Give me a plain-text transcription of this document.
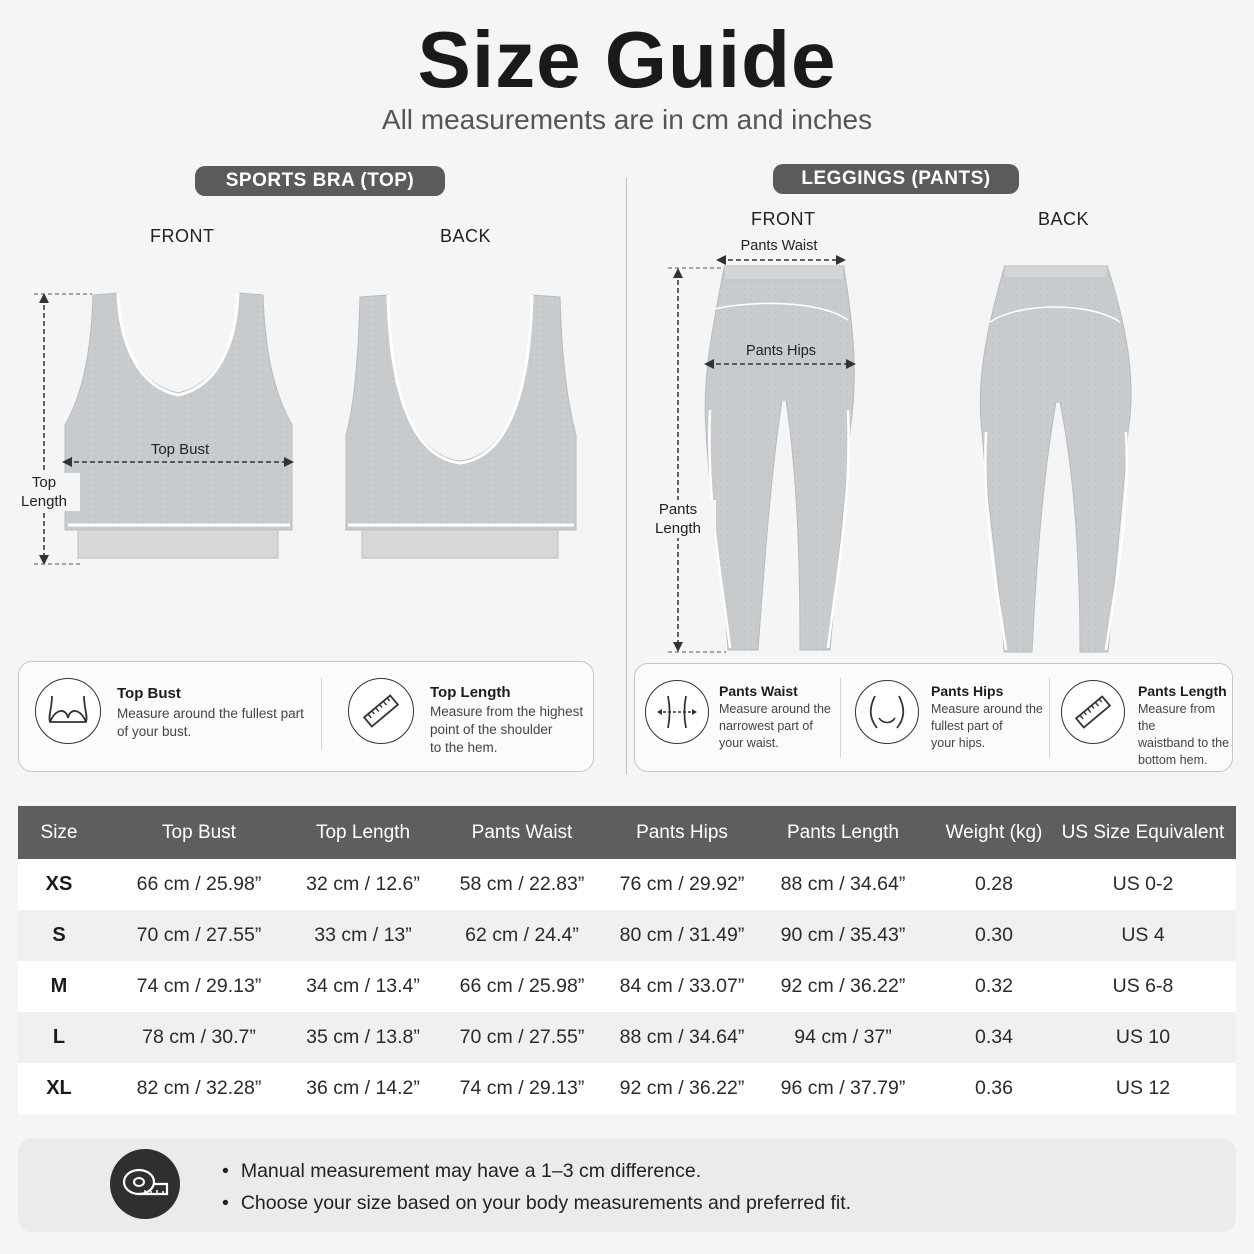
Size Guide
All measurements are in cm and inches
SPORTS BRA (TOP)
FRONT	BACK
Top Bust
Top
Length
Top Bust
Measure around the fullest part
of your bust.
Top Length
Measure from the highest
point of the shoulder
to the hem.
LEGGINGS (PANTS)
FRONT	BACK
Pants Waist
Pants Hips
Pants
Length
Pants Waist
Measure around the
narrowest part of
your waist.
Pants Hips
Measure around the
fullest part of
your hips.
Pants Length
Measure from the
waistband to the
bottom hem.
Size	Top Bust	Top Length	Pants Waist	Pants Hips	Pants Length	Weight (kg)	US Size Equivalent
XS	66 cm / 25.98”	32 cm / 12.6”	58 cm / 22.83”	76 cm / 29.92”	88 cm / 34.64”	0.28	US 0-2
S	70 cm / 27.55”	33 cm / 13”	62 cm / 24.4”	80 cm / 31.49”	90 cm / 35.43”	0.30	US 4
M	74 cm / 29.13”	34 cm / 13.4”	66 cm / 25.98”	84 cm / 33.07”	92 cm / 36.22”	0.32	US 6-8
L	78 cm / 30.7”	35 cm / 13.8”	70 cm / 27.55”	88 cm / 34.64”	94 cm / 37”	0.34	US 10
XL	82 cm / 32.28”	36 cm / 14.2”	74 cm / 29.13”	92 cm / 36.22”	96 cm / 37.79”	0.36	US 12
• Manual measurement may have a 1–3 cm difference.
• Choose your size based on your body measurements and preferred fit.
